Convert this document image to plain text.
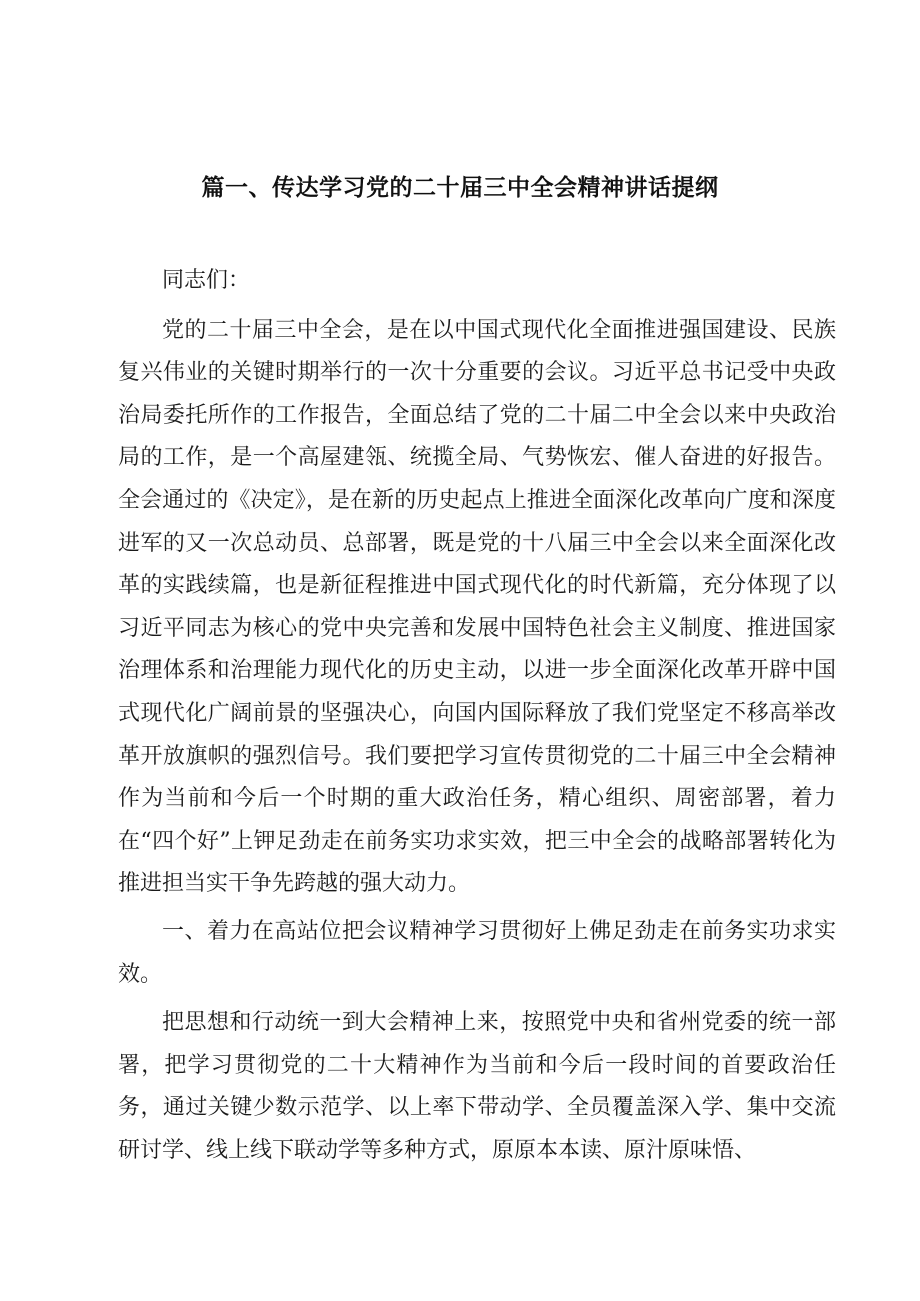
篇一、传达学习党的二十届三中全会精神讲话提纲

同志们：

党的二十届三中全会，是在以中国式现代化全面推进强国建设、民族复兴伟业的关键时期举行的一次十分重要的会议。习近平总书记受中央政治局委托所作的工作报告，全面总结了党的二十届二中全会以来中央政治局的工作，是一个高屋建瓴、统揽全局、气势恢宏、催人奋进的好报告。全会通过的《决定》，是在新的历史起点上推进全面深化改革向广度和深度进军的又一次总动员、总部署，既是党的十八届三中全会以来全面深化改革的实践续篇，也是新征程推进中国式现代化的时代新篇，充分体现了以习近平同志为核心的党中央完善和发展中国特色社会主义制度、推进国家治理体系和治理能力现代化的历史主动，以进一步全面深化改革开辟中国式现代化广阔前景的坚强决心，向国内国际释放了我们党坚定不移高举改革开放旗帜的强烈信号。我们要把学习宣传贯彻党的二十届三中全会精神作为当前和今后一个时期的重大政治任务，精心组织、周密部署，着力在“四个好”上钾足劲走在前务实功求实效，把三中全会的战略部署转化为推进担当实干争先跨越的强大动力。

一、着力在高站位把会议精神学习贯彻好上佛足劲走在前务实功求实效。

把思想和行动统一到大会精神上来，按照党中央和省州党委的统一部署，把学习贯彻党的二十大精神作为当前和今后一段时间的首要政治任务，通过关键少数示范学、以上率下带动学、全员覆盖深入学、集中交流研讨学、线上线下联动学等多种方式，原原本本读、原汁原味悟、
